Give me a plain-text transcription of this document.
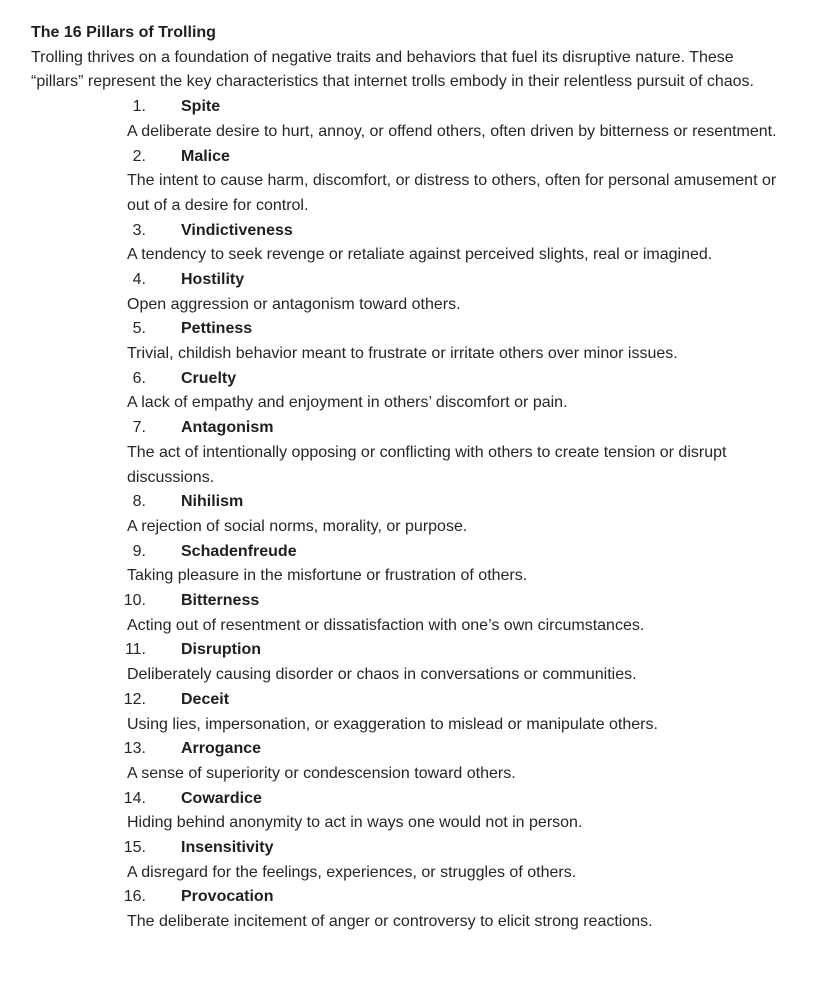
The 16 Pillars of Trolling

Trolling thrives on a foundation of negative traits and behaviors that fuel its disruptive nature. These “pillars” represent the key characteristics that internet trolls embody in their relentless pursuit of chaos.

1. Spite

A deliberate desire to hurt, annoy, or offend others, often driven by bitterness or resentment.

2. Malice

The intent to cause harm, discomfort, or distress to others, often for personal amusement or out of a desire for control.

3. Vindictiveness

A tendency to seek revenge or retaliate against perceived slights, real or imagined.

4. Hostility

Open aggression or antagonism toward others.

5. Pettiness

Trivial, childish behavior meant to frustrate or irritate others over minor issues.

6. Cruelty

A lack of empathy and enjoyment in others’ discomfort or pain.

7. Antagonism

The act of intentionally opposing or conflicting with others to create tension or disrupt discussions.

8. Nihilism

A rejection of social norms, morality, or purpose.

9. Schadenfreude

Taking pleasure in the misfortune or frustration of others.

10. Bitterness

Acting out of resentment or dissatisfaction with one’s own circumstances.

11. Disruption

Deliberately causing disorder or chaos in conversations or communities.

12. Deceit

Using lies, impersonation, or exaggeration to mislead or manipulate others.

13. Arrogance

A sense of superiority or condescension toward others.

14. Cowardice

Hiding behind anonymity to act in ways one would not in person.

15. Insensitivity

A disregard for the feelings, experiences, or struggles of others.

16. Provocation

The deliberate incitement of anger or controversy to elicit strong reactions.
